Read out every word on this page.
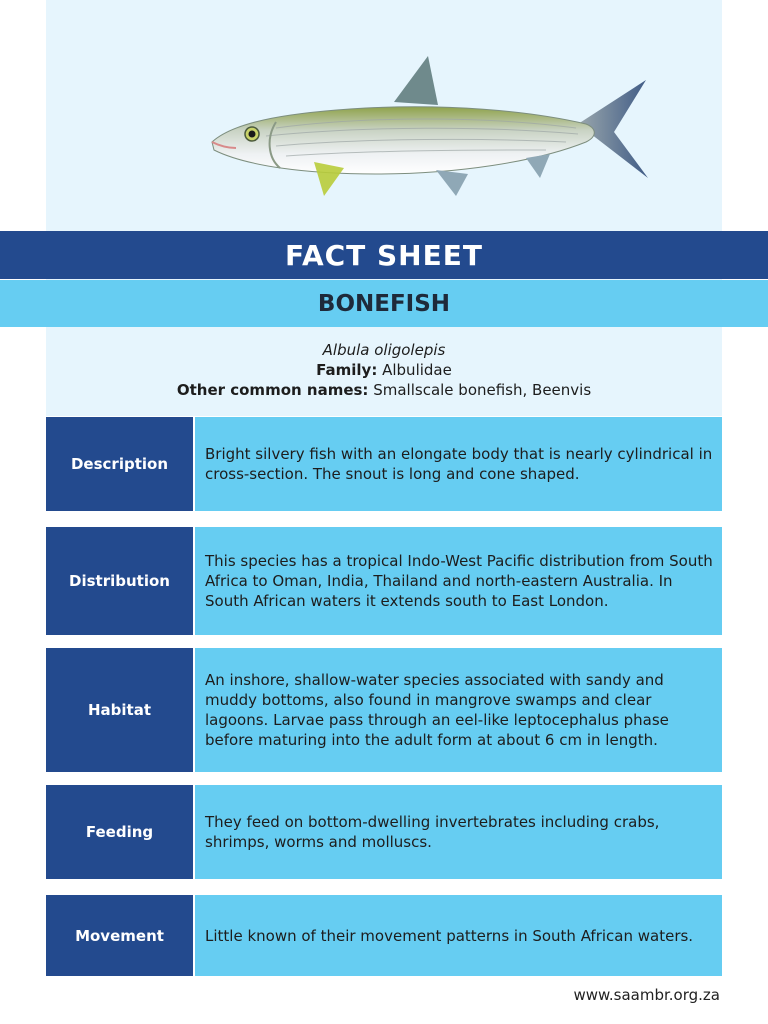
FACT SHEET
BONEFISH
Albula oligolepis
Family: Albulidae
Other common names: Smallscale bonefish, Beenvis
Description
Bright silvery fish with an elongate body that is nearly cylindrical in cross-section. The snout is long and cone shaped.
Distribution
This species has a tropical Indo-West Pacific distribution from South Africa to Oman, India, Thailand and north-eastern Australia. In South African waters it extends south to East London.
Habitat
An inshore, shallow-water species associated with sandy and muddy bottoms, also found in mangrove swamps and clear lagoons. Larvae pass through an eel-like leptocephalus phase before maturing into the adult form at about 6 cm in length.
Feeding
They feed on bottom-dwelling invertebrates including crabs, shrimps, worms and molluscs.
Movement	Little known of their movement patterns in South African waters.
www.saambr.org.za
